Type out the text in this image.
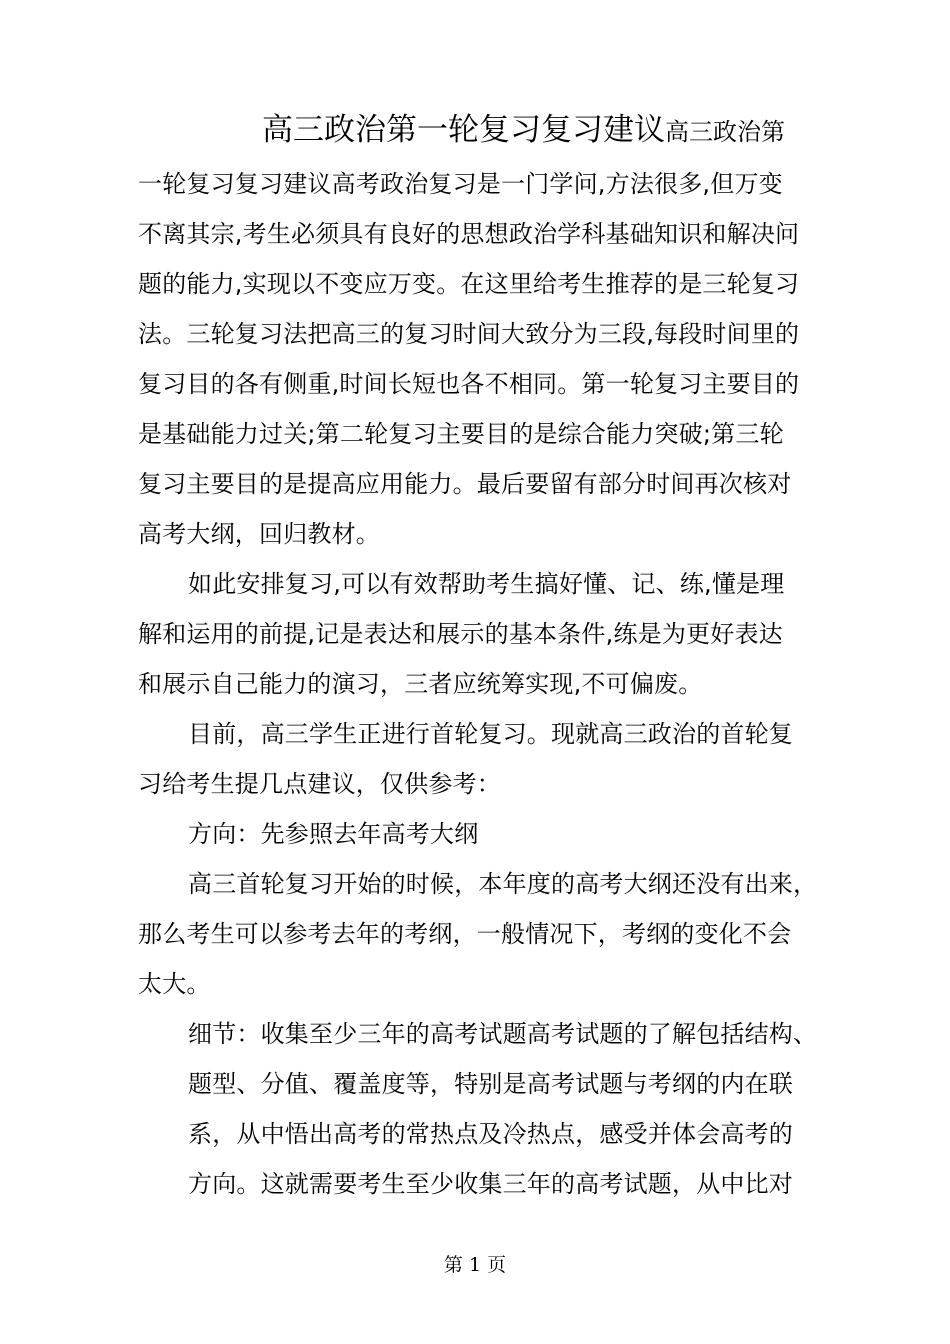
高三政治第一轮复习复习建议高三政治第
一轮复习复习建议高考政治复习是一门学问,方法很多,但万变
不离其宗,考生必须具有良好的思想政治学科基础知识和解决问
题的能力,实现以不变应万变。在这里给考生推荐的是三轮复习
法。三轮复习法把高三的复习时间大致分为三段,每段时间里的
复习目的各有侧重,时间长短也各不相同。第一轮复习主要目的
是基础能力过关;第二轮复习主要目的是综合能力突破;第三轮
复习主要目的是提高应用能力。最后要留有部分时间再次核对
高考大纲，回归教材。
如此安排复习,可以有效帮助考生搞好懂、记、练,懂是理
解和运用的前提,记是表达和展示的基本条件,练是为更好表达
和展示自己能力的演习，三者应统筹实现,不可偏废。
目前，高三学生正进行首轮复习。现就高三政治的首轮复
习给考生提几点建议，仅供参考：
方向：先参照去年高考大纲
高三首轮复习开始的时候，本年度的高考大纲还没有出来，
那么考生可以参考去年的考纲，一般情况下，考纲的变化不会
太大。
细节：收集至少三年的高考试题高考试题的了解包括结构、
题型、分值、覆盖度等，特别是高考试题与考纲的内在联
系，从中悟出高考的常热点及冷热点，感受并体会高考的
方向。这就需要考生至少收集三年的高考试题，从中比对
第 1 页
